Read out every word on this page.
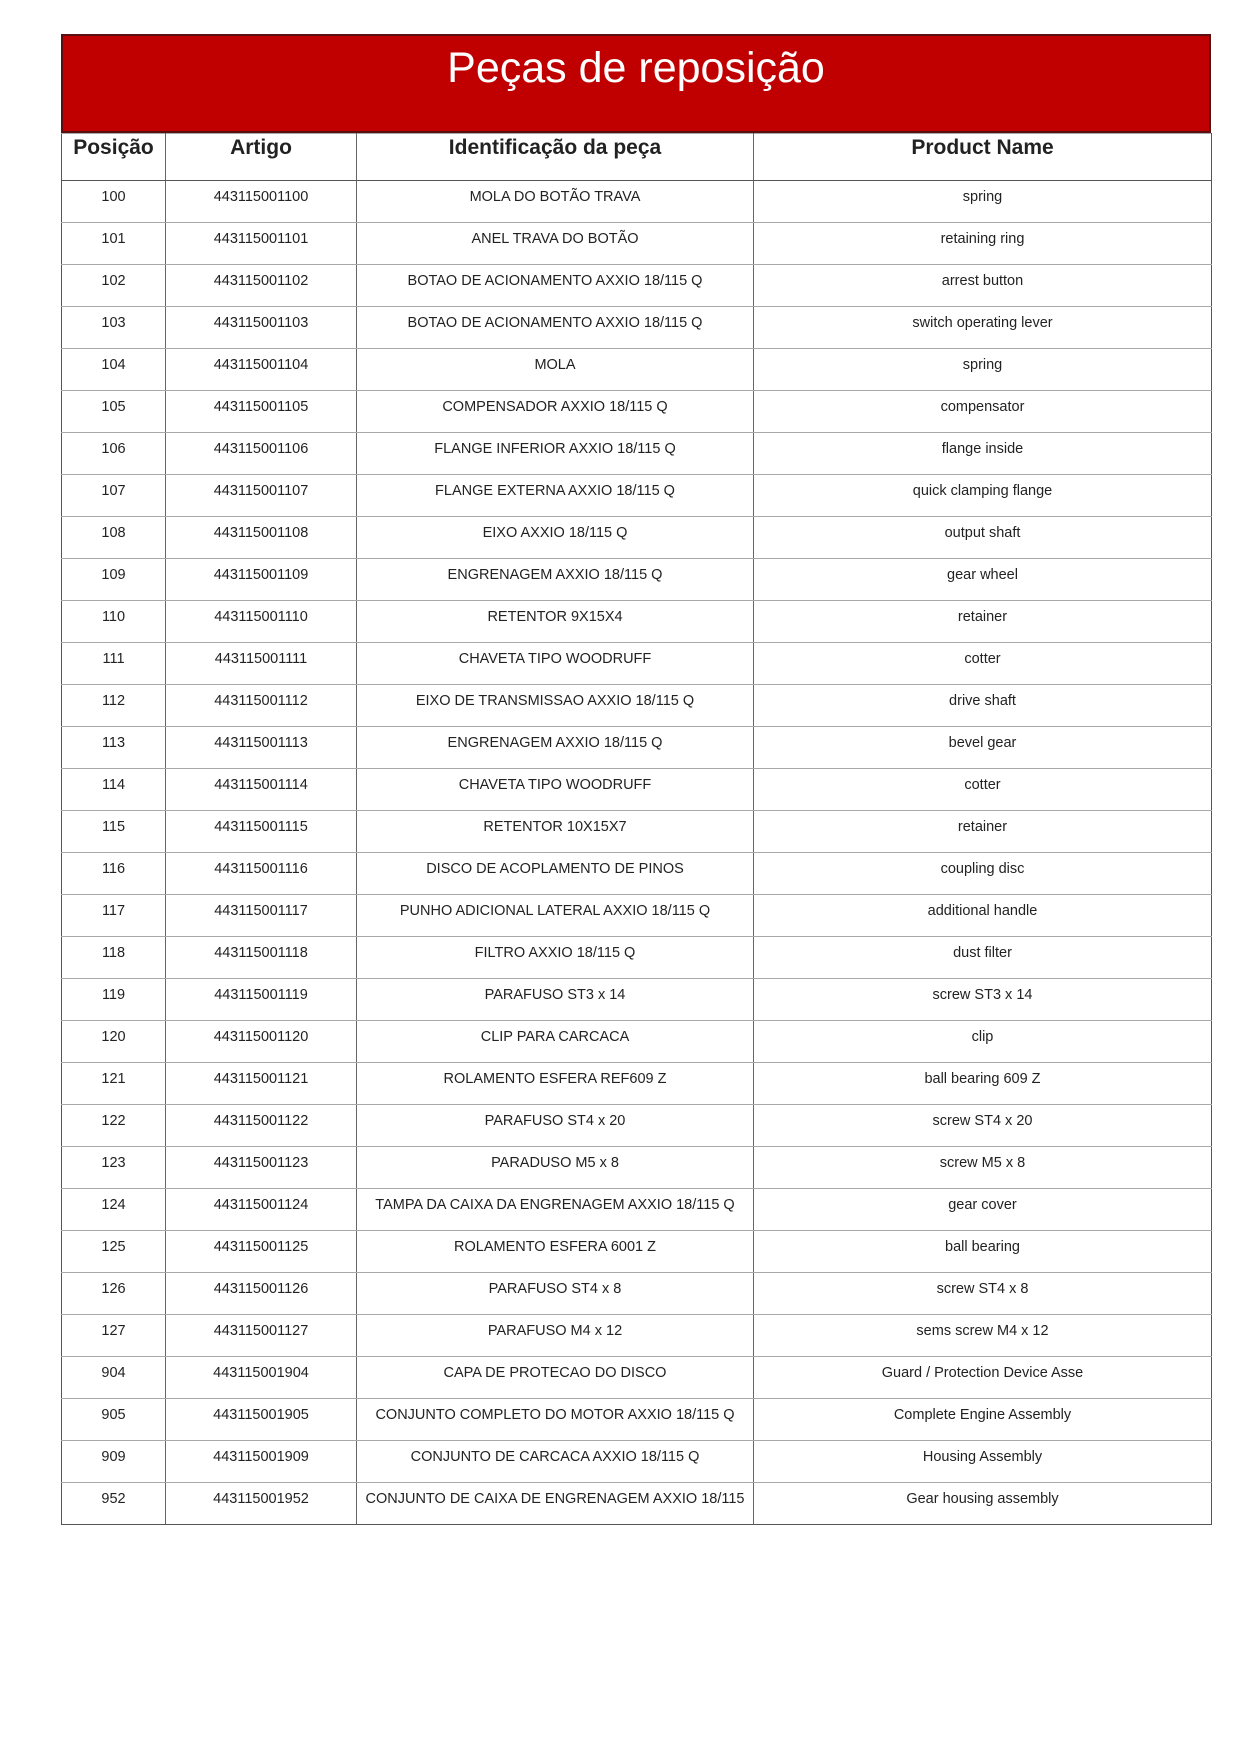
Peças de reposição
Posição	Artigo	Identificação da peça	Product Name
100	443115001100	MOLA DO BOTÃO TRAVA	spring
101	443115001101	ANEL TRAVA DO BOTÃO	retaining ring
102	443115001102	BOTAO DE ACIONAMENTO AXXIO 18/115 Q	arrest button
103	443115001103	BOTAO DE ACIONAMENTO AXXIO 18/115 Q	switch operating lever
104	443115001104	MOLA	spring
105	443115001105	COMPENSADOR AXXIO 18/115 Q	compensator
106	443115001106	FLANGE INFERIOR AXXIO 18/115 Q	flange inside
107	443115001107	FLANGE EXTERNA AXXIO 18/115 Q	quick clamping flange
108	443115001108	EIXO AXXIO 18/115 Q	output shaft
109	443115001109	ENGRENAGEM AXXIO 18/115 Q	gear wheel
110	443115001110	RETENTOR 9X15X4	retainer
111	443115001111	CHAVETA TIPO WOODRUFF	cotter
112	443115001112	EIXO DE TRANSMISSAO AXXIO 18/115 Q	drive shaft
113	443115001113	ENGRENAGEM AXXIO 18/115 Q	bevel gear
114	443115001114	CHAVETA TIPO WOODRUFF	cotter
115	443115001115	RETENTOR 10X15X7	retainer
116	443115001116	DISCO DE ACOPLAMENTO DE PINOS	coupling disc
117	443115001117	PUNHO ADICIONAL LATERAL AXXIO 18/115 Q	additional handle
118	443115001118	FILTRO AXXIO 18/115 Q	dust filter
119	443115001119	PARAFUSO ST3 x 14	screw ST3 x 14
120	443115001120	CLIP PARA CARCACA	clip
121	443115001121	ROLAMENTO ESFERA REF609 Z	ball bearing 609 Z
122	443115001122	PARAFUSO ST4 x 20	screw ST4 x 20
123	443115001123	PARADUSO M5 x 8	screw M5 x 8
124	443115001124	TAMPA DA CAIXA DA ENGRENAGEM AXXIO 18/115 Q	gear cover
125	443115001125	ROLAMENTO ESFERA 6001 Z	ball bearing
126	443115001126	PARAFUSO ST4 x 8	screw ST4 x 8
127	443115001127	PARAFUSO M4 x 12	sems screw M4 x 12
904	443115001904	CAPA DE PROTECAO DO DISCO	Guard / Protection Device Asse
905	443115001905	CONJUNTO COMPLETO DO MOTOR AXXIO 18/115 Q	Complete Engine Assembly
909	443115001909	CONJUNTO DE CARCACA AXXIO 18/115 Q	Housing Assembly
952	443115001952	CONJUNTO DE CAIXA DE ENGRENAGEM AXXIO 18/115	Gear housing assembly
